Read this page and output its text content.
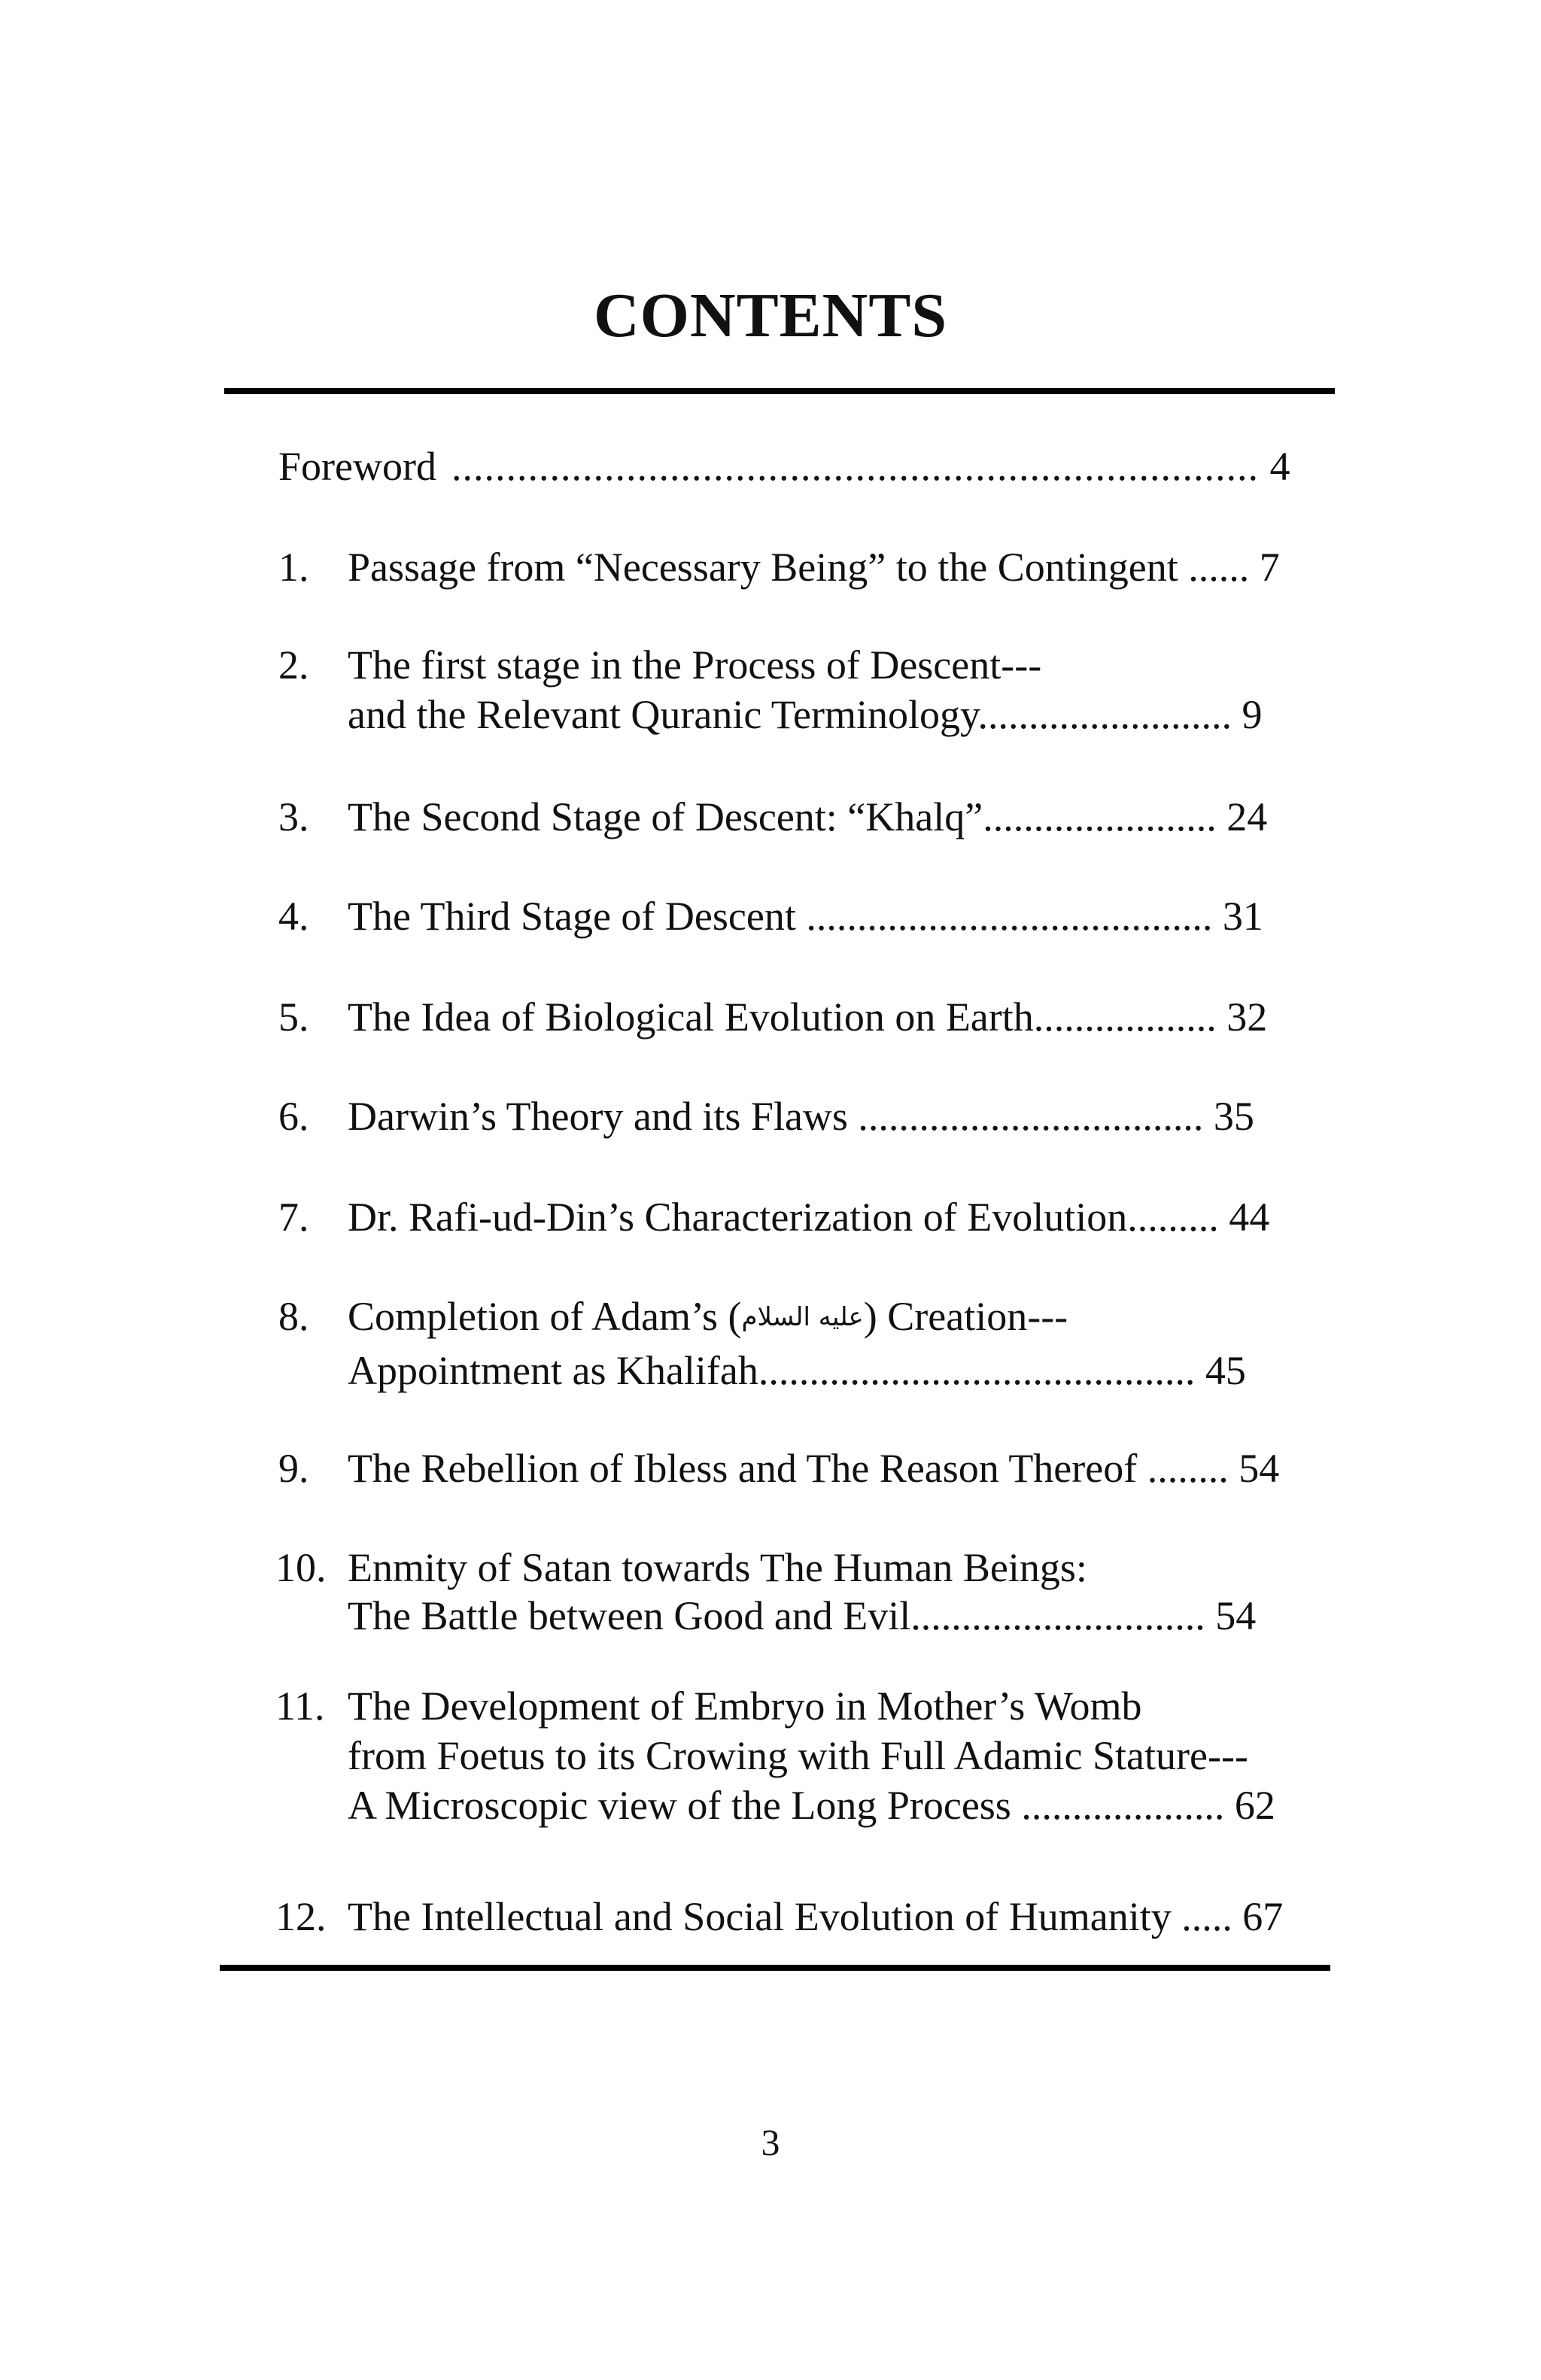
CONTENTS
Foreword .......................................................................... 4
1. Passage from “Necessary Being” to the Contingent ...... 7
2. The first stage in the Process of Descent---
and the Relevant Quranic Terminology......................... 9
3. The Second Stage of Descent: “Khalq”....................... 24
4. The Third Stage of Descent ........................................ 31
5. The Idea of Biological Evolution on Earth.................. 32
6. Darwin’s Theory and its Flaws .................................. 35
7. Dr. Rafi-ud-Din’s Characterization of Evolution......... 44
8. Completion of Adam’s (عليه السلام) Creation---
Appointment as Khalifah........................................... 45
9. The Rebellion of Ibless and The Reason Thereof ........ 54
10. Enmity of Satan towards The Human Beings:
The Battle between Good and Evil............................. 54
11. The Development of Embryo in Mother’s Womb
from Foetus to its Crowing with Full Adamic Stature---
A Microscopic view of the Long Process .................... 62
12. The Intellectual and Social Evolution of Humanity ..... 67
3
